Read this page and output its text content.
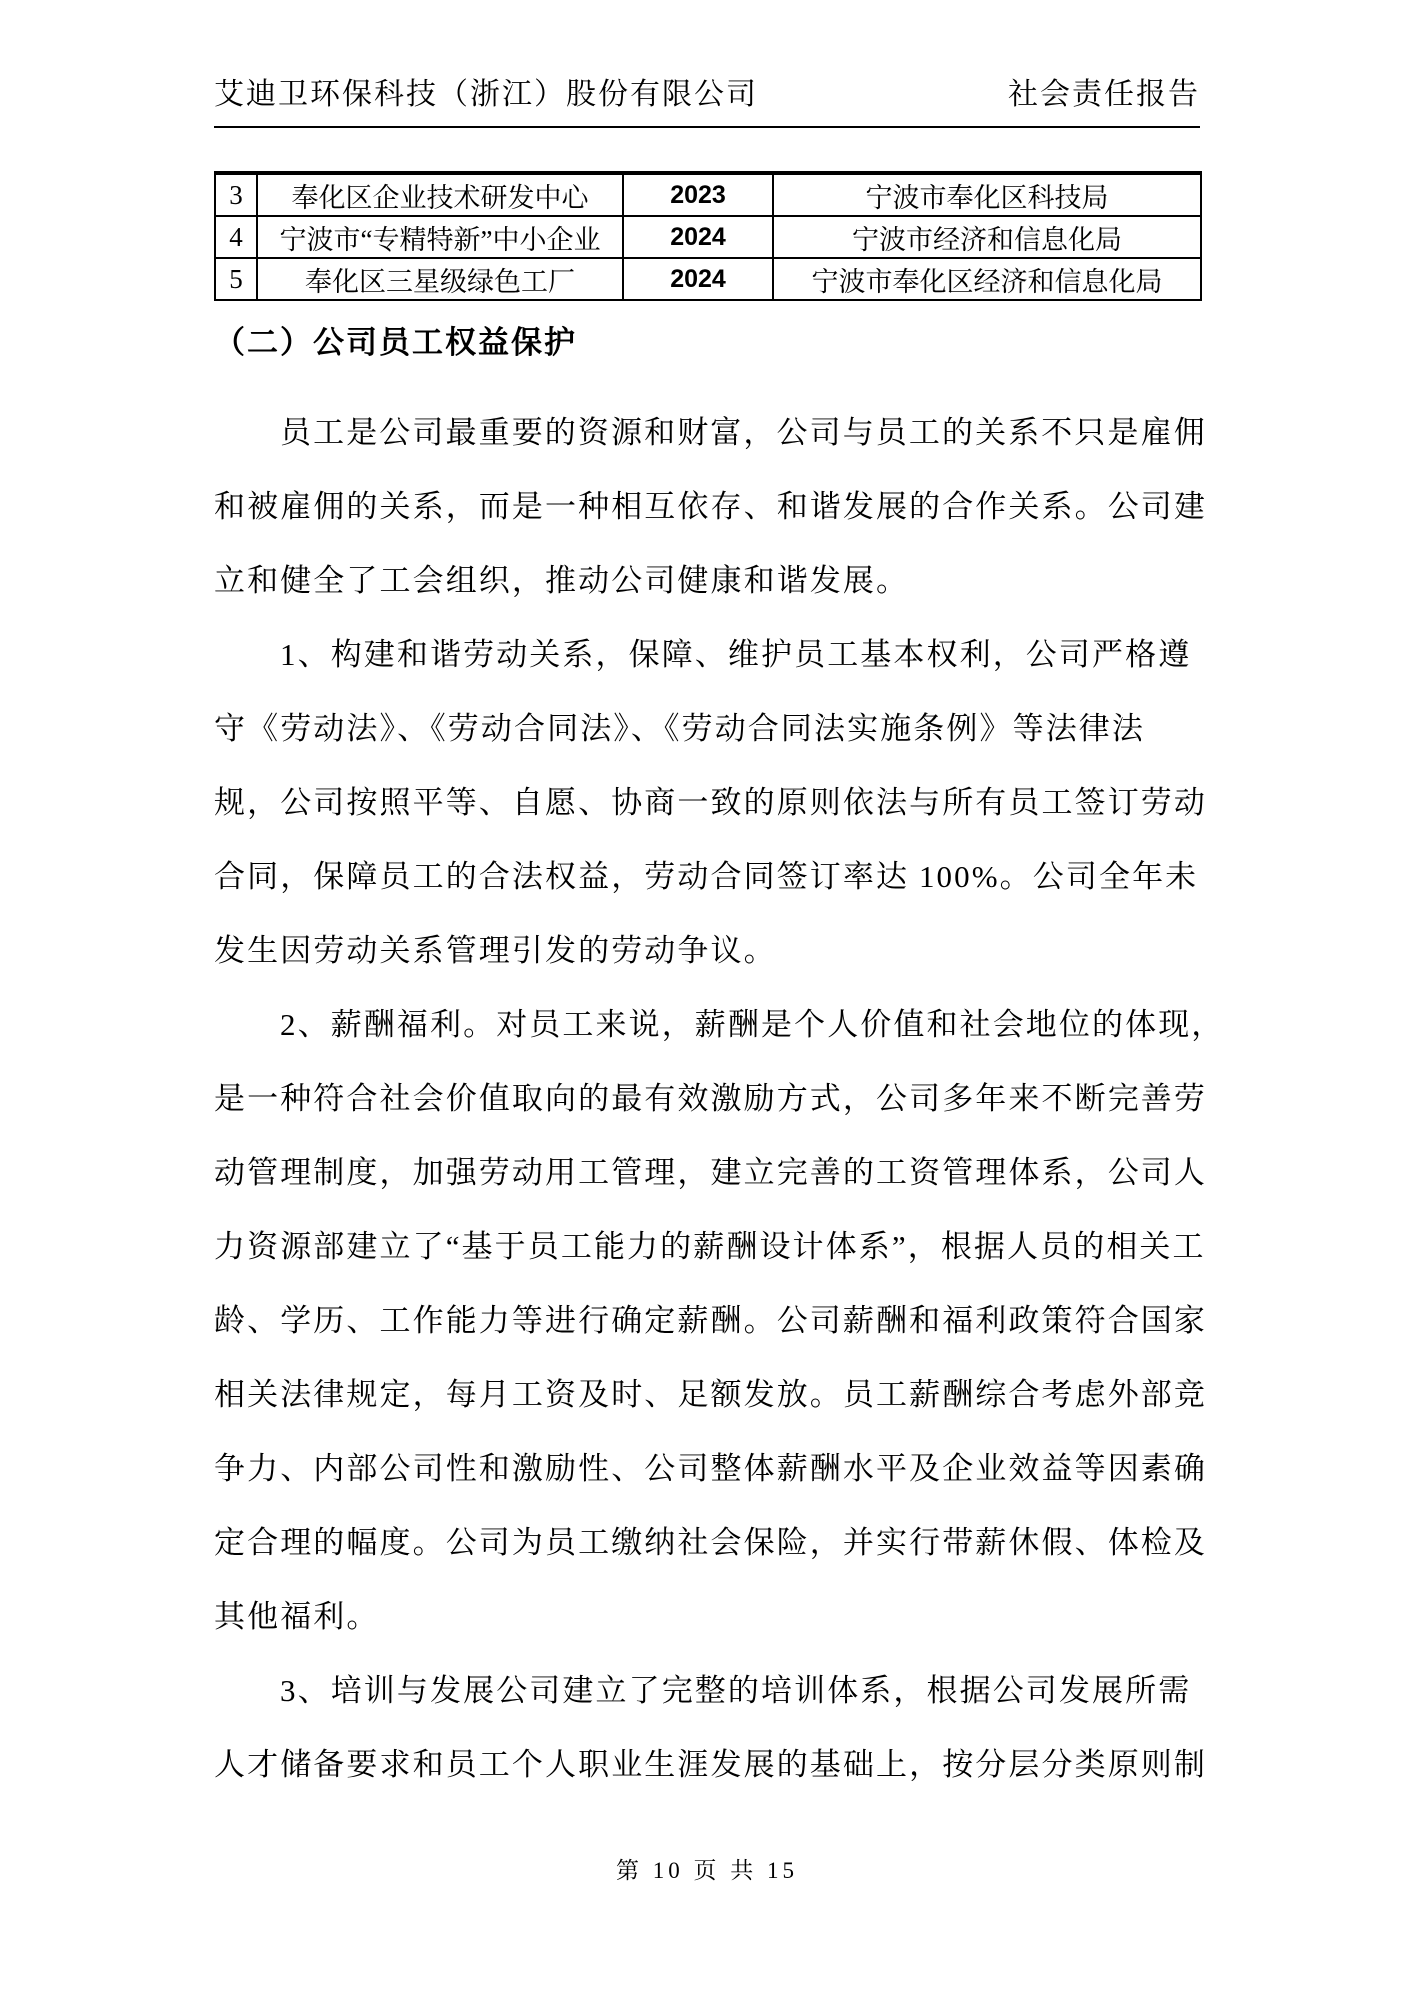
艾迪卫环保科技（浙江）股份有限公司	社会责任报告
3	奉化区企业技术研发中心	2023	宁波市奉化区科技局
4	宁波市“专精特新”中小企业	2024	宁波市经济和信息化局
5	奉化区三星级绿色工厂	2024	宁波市奉化区经济和信息化局
（二）公司员工权益保护
员工是公司最重要的资源和财富，公司与员工的关系不只是雇佣
和被雇佣的关系，而是一种相互依存、和谐发展的合作关系。公司建
立和健全了工会组织，推动公司健康和谐发展。
1、构建和谐劳动关系，保障、维护员工基本权利，公司严格遵
守《劳动法》、《劳动合同法》、《劳动合同法实施条例》等法律法
规，公司按照平等、自愿、协商一致的原则依法与所有员工签订劳动
合同，保障员工的合法权益，劳动合同签订率达 100%。公司全年未
发生因劳动关系管理引发的劳动争议。
2、薪酬福利。对员工来说，薪酬是个人价值和社会地位的体现，
是一种符合社会价值取向的最有效激励方式，公司多年来不断完善劳
动管理制度，加强劳动用工管理，建立完善的工资管理体系，公司人
力资源部建立了“基于员工能力的薪酬设计体系”，根据人员的相关工
龄、学历、工作能力等进行确定薪酬。公司薪酬和福利政策符合国家
相关法律规定，每月工资及时、足额发放。员工薪酬综合考虑外部竞
争力、内部公司性和激励性、公司整体薪酬水平及企业效益等因素确
定合理的幅度。公司为员工缴纳社会保险，并实行带薪休假、体检及
其他福利。
3、培训与发展公司建立了完整的培训体系，根据公司发展所需
人才储备要求和员工个人职业生涯发展的基础上，按分层分类原则制
第 10 页 共 15
